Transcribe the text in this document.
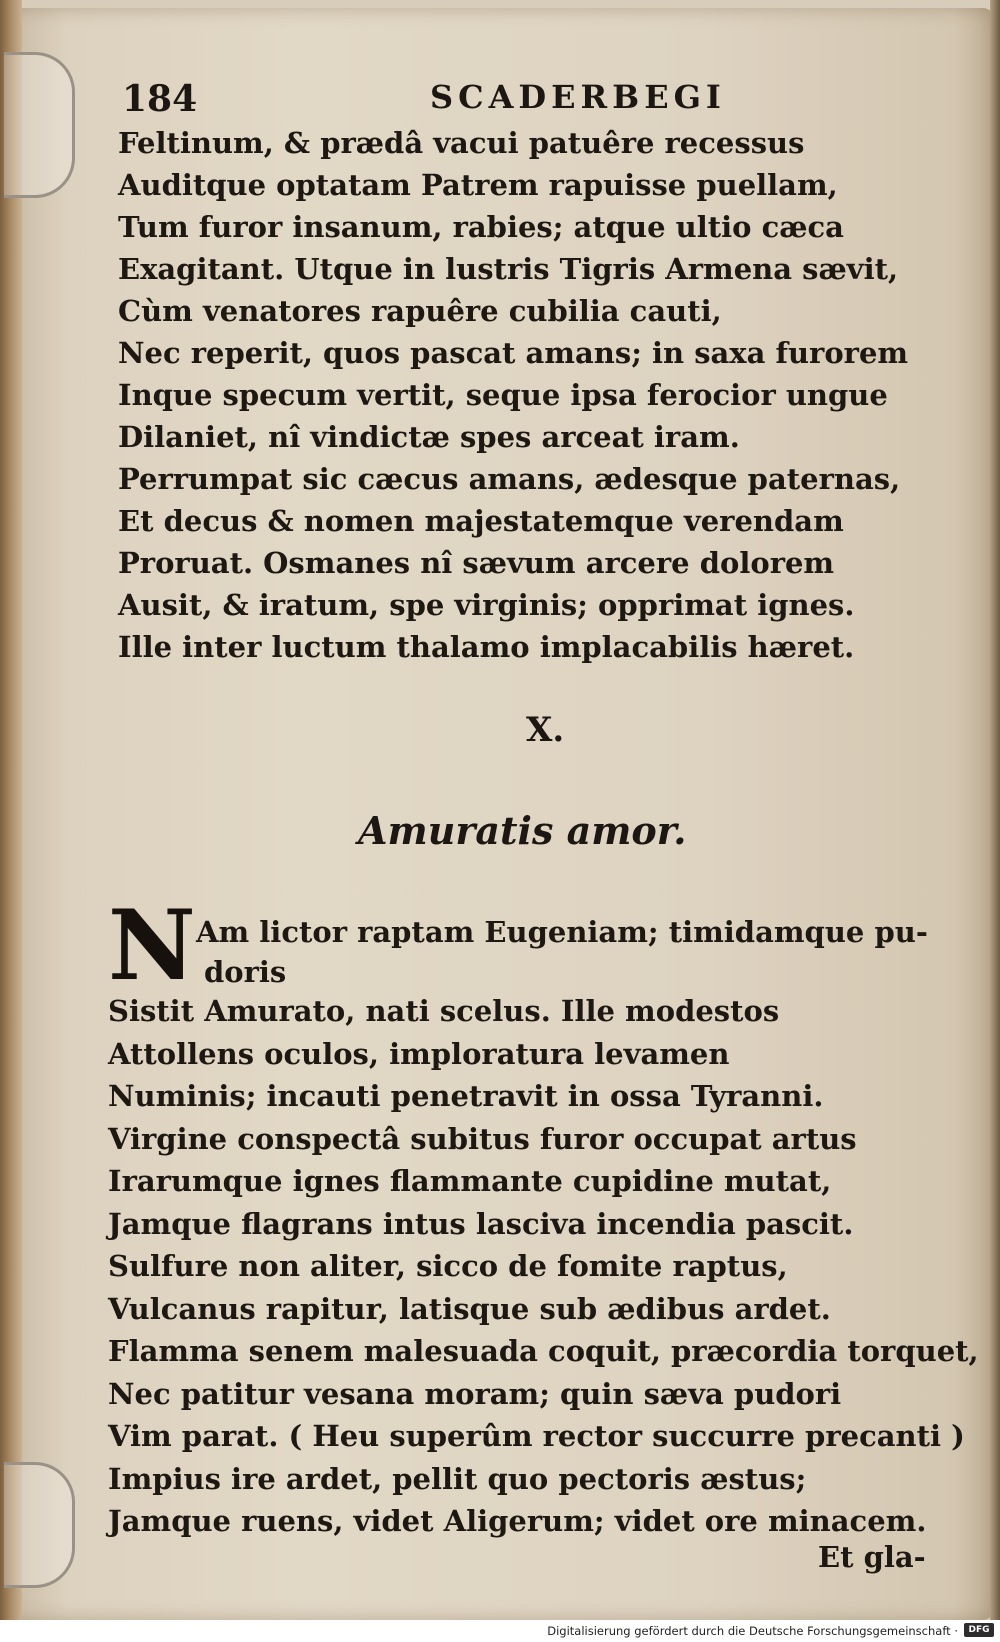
184	SCADERBEGI

Feltinum, & prædâ vacui patuêre recessus
Auditque optatam Patrem rapuisse puellam,
Tum furor insanum, rabies; atque ultio cæca
Exagitant. Utque in lustris Tigris Armena sævit,
Cùm venatores rapuêre cubilia cauti,
Nec reperit, quos pascat amans; in saxa furorem
Inque specum vertit, seque ipsa ferocior ungue
Dilaniet, nî vindictæ spes arceat iram.
Perrumpat sic cæcus amans, ædesque paternas,
Et decus & nomen majestatemque verendam
Proruat. Osmanes nî sævum arcere dolorem
Ausit, & iratum, spe virginis; opprimat ignes.
Ille inter luctum thalamo implacabilis hæret.

X.

Amuratis amor.

N Am lictor raptam Eugeniam; timidamque pu-
doris
Sistit Amurato, nati scelus. Ille modestos
Attollens oculos, imploratura levamen
Numinis; incauti penetravit in ossa Tyranni.
Virgine conspectâ subitus furor occupat artus
Irarumque ignes flammante cupidine mutat,
Jamque flagrans intus lasciva incendia pascit.
Sulfure non aliter, sicco de fomite raptus,
Vulcanus rapitur, latisque sub ædibus ardet.
Flamma senem malesuada coquit, præcordia torquet,
Nec patitur vesana moram; quin sæva pudori
Vim parat. ( Heu superûm rector succurre precanti )
Impius ire ardet, pellit quo pectoris æstus;
Jamque ruens, videt Aligerum; videt ore minacem.

Et gla-

Digitalisierung gefördert durch die Deutsche Forschungsgemeinschaft ·	DFG
